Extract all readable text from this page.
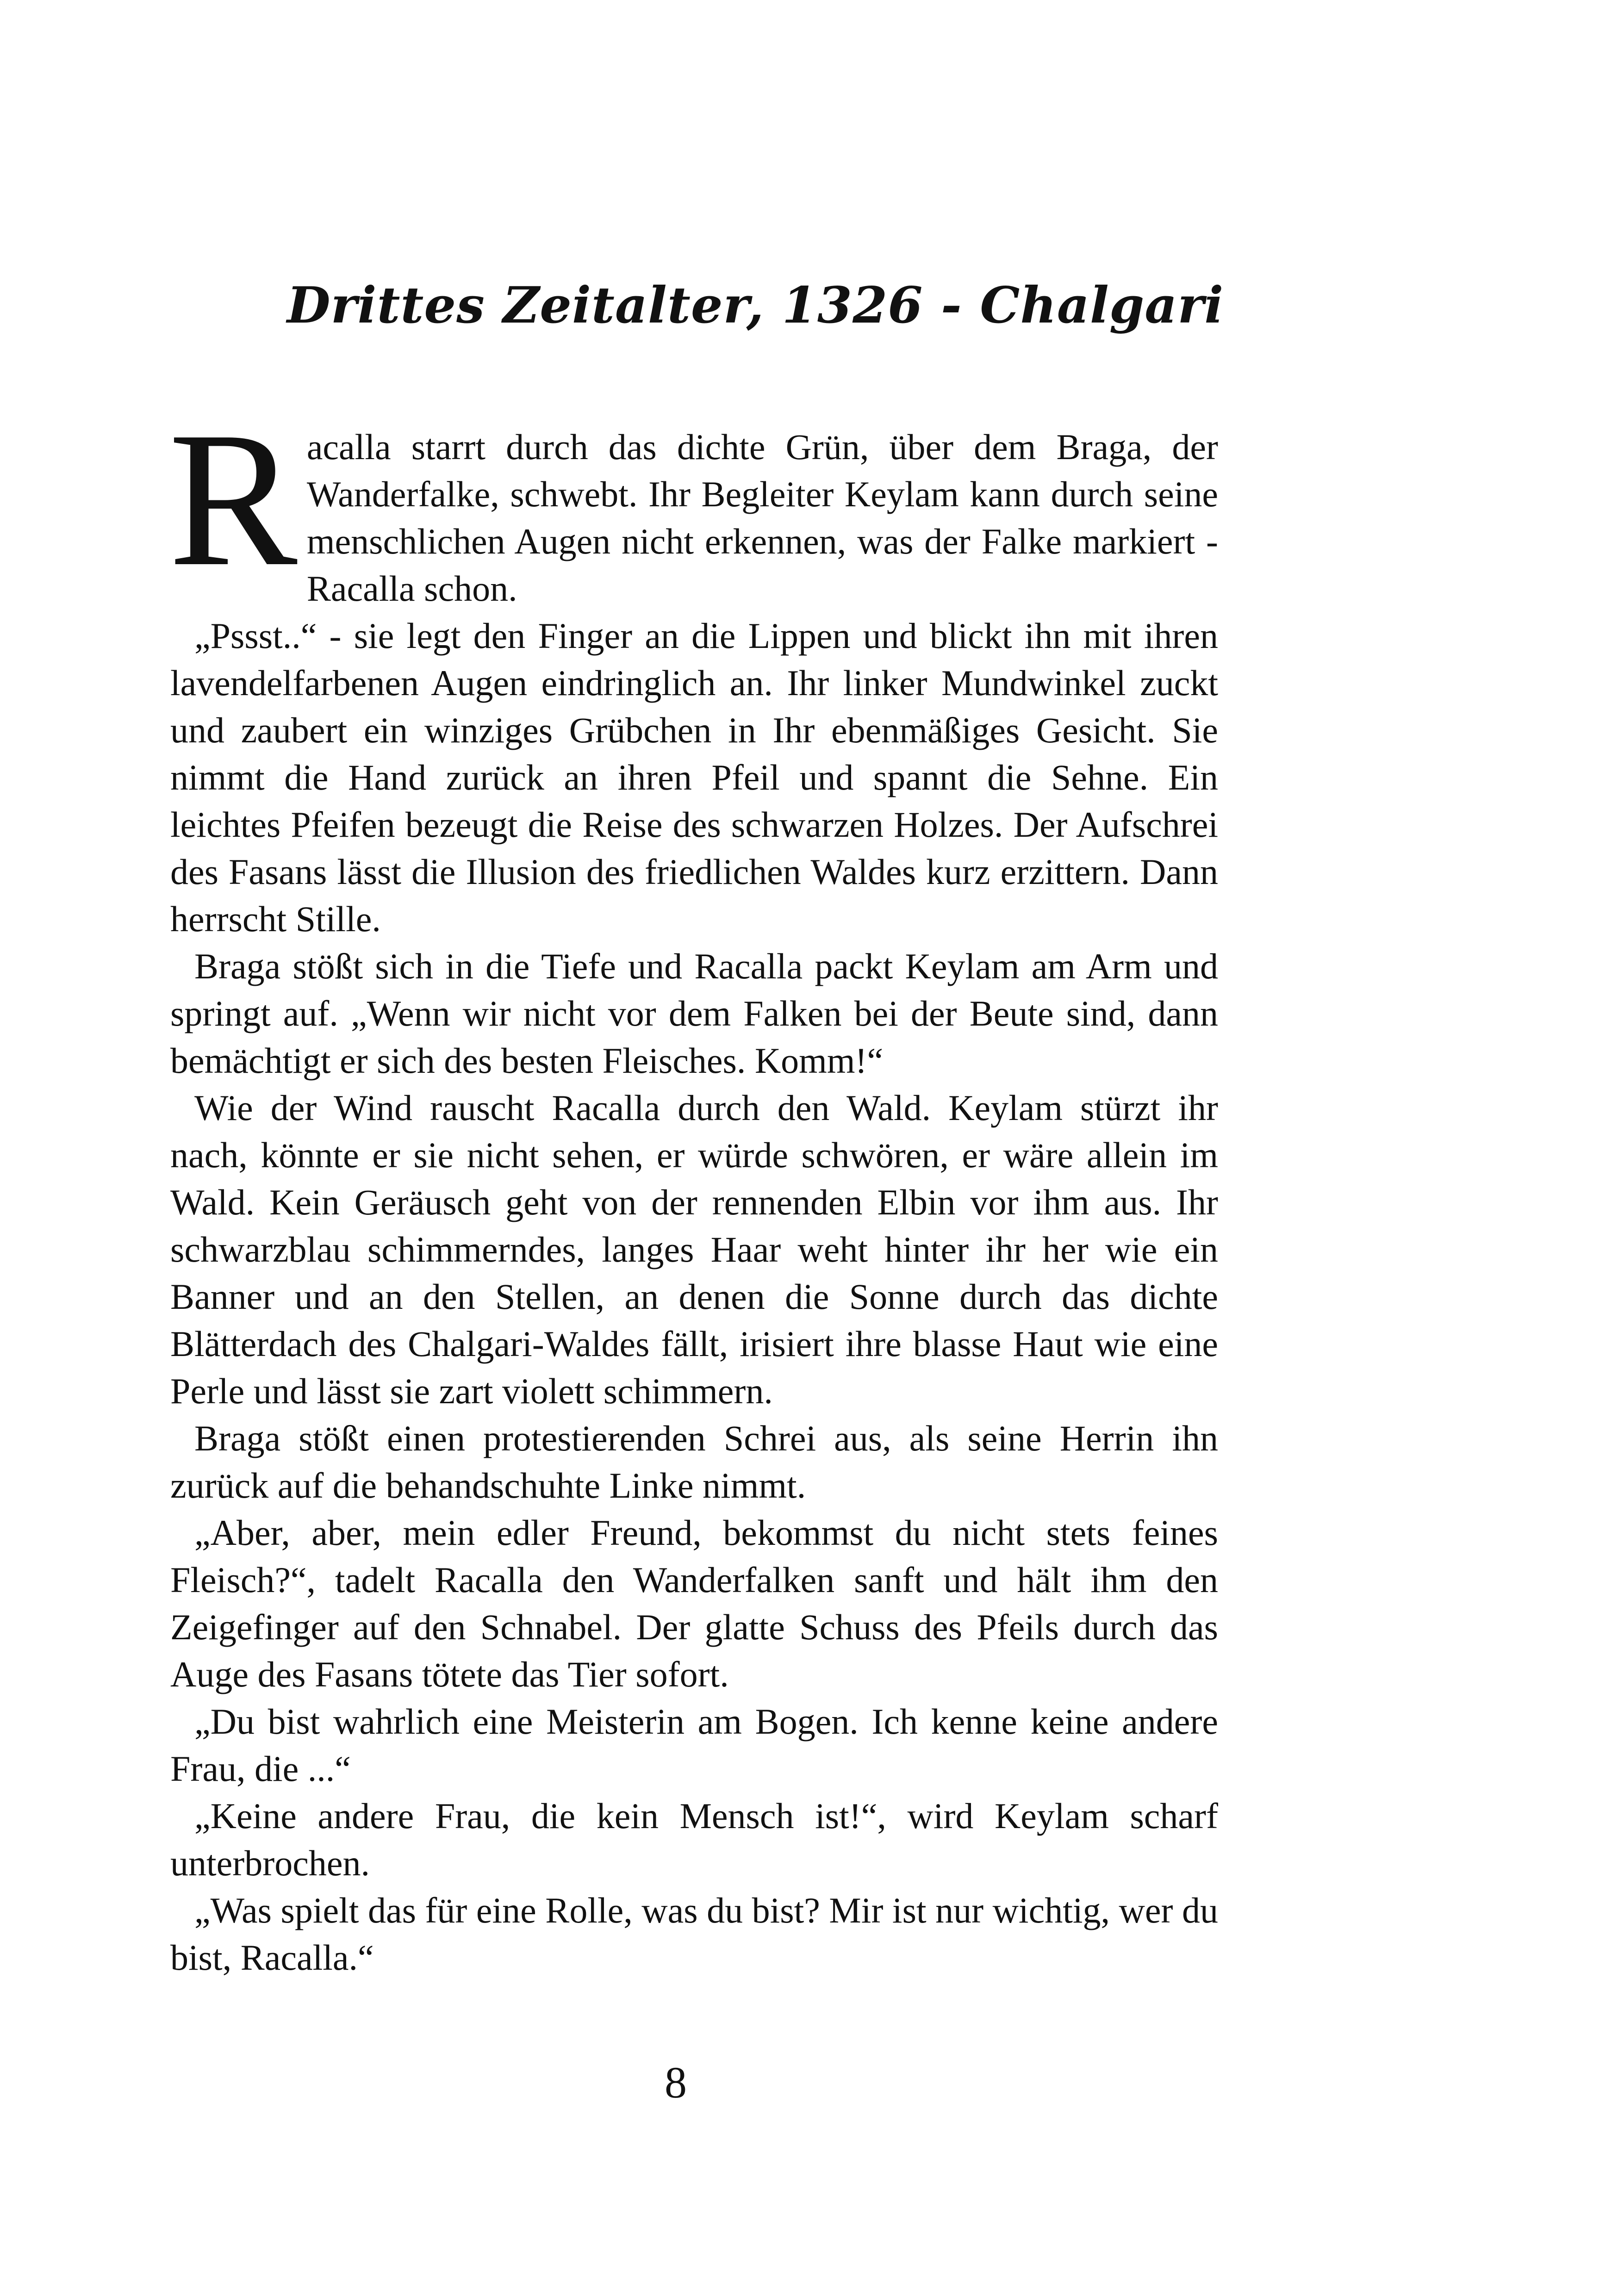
Drittes Zeitalter, 1326 - Chalgari

Racalla starrt durch das dichte Grün, über dem Braga, der Wanderfalke, schwebt. Ihr Begleiter Keylam kann durch seine menschlichen Augen nicht erkennen, was der Falke markiert - Racalla schon.

„Pssst..“ - sie legt den Finger an die Lippen und blickt ihn mit ihren lavendelfarbenen Augen eindringlich an. Ihr linker Mundwinkel zuckt und zaubert ein winziges Grübchen in Ihr ebenmäßiges Gesicht. Sie nimmt die Hand zurück an ihren Pfeil und spannt die Sehne. Ein leichtes Pfeifen bezeugt die Reise des schwarzen Holzes. Der Aufschrei des Fasans lässt die Illusion des friedlichen Waldes kurz erzittern. Dann herrscht Stille.

Braga stößt sich in die Tiefe und Racalla packt Keylam am Arm und springt auf. „Wenn wir nicht vor dem Falken bei der Beute sind, dann bemächtigt er sich des besten Fleisches. Komm!“

Wie der Wind rauscht Racalla durch den Wald. Keylam stürzt ihr nach, könnte er sie nicht sehen, er würde schwören, er wäre allein im Wald. Kein Geräusch geht von der rennenden Elbin vor ihm aus. Ihr schwarzblau schimmerndes, langes Haar weht hinter ihr her wie ein Banner und an den Stellen, an denen die Sonne durch das dichte Blätterdach des Chalgari-Waldes fällt, irisiert ihre blasse Haut wie eine Perle und lässt sie zart violett schimmern.

Braga stößt einen protestierenden Schrei aus, als seine Herrin ihn zurück auf die behandschuhte Linke nimmt.

„Aber, aber, mein edler Freund, bekommst du nicht stets feines Fleisch?“, tadelt Racalla den Wanderfalken sanft und hält ihm den Zeigefinger auf den Schnabel. Der glatte Schuss des Pfeils durch das Auge des Fasans tötete das Tier sofort.

„Du bist wahrlich eine Meisterin am Bogen. Ich kenne keine andere Frau, die ...“

„Keine andere Frau, die kein Mensch ist!“, wird Keylam scharf unterbrochen.

„Was spielt das für eine Rolle, was du bist? Mir ist nur wichtig, wer du bist, Racalla.“

8
